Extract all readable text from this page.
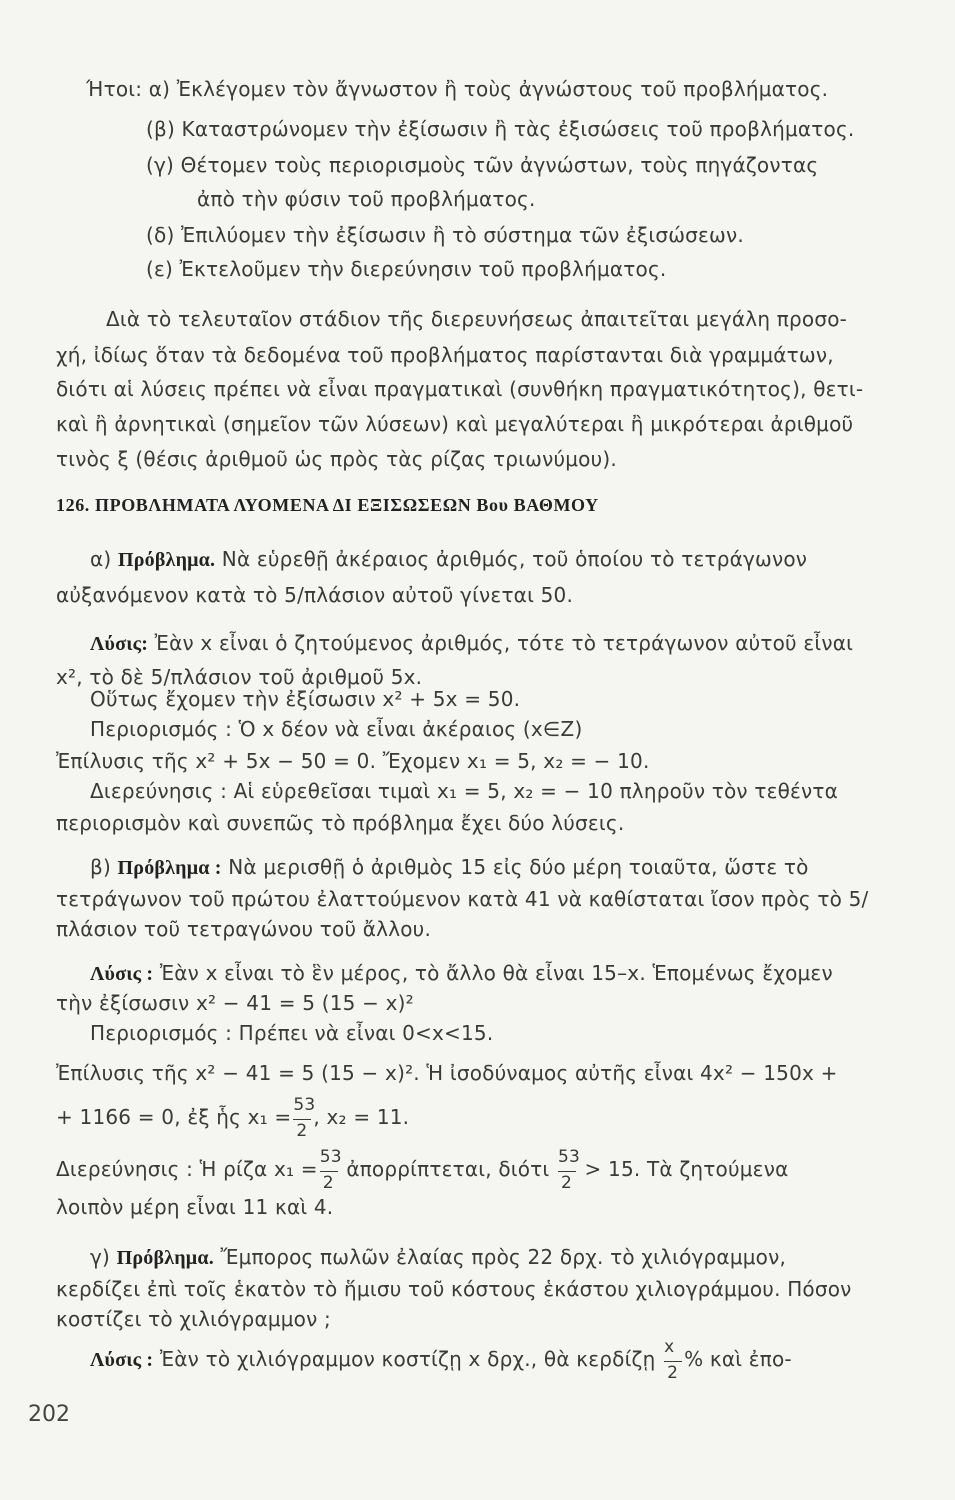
Ήτοι: α) Ἐκλέγομεν τὸν ἄγνωστον ἢ τοὺς ἀγνώστους τοῦ προβλήματος.
(β) Καταστρώνομεν τὴν ἐξίσωσιν ἢ τὰς ἐξισώσεις τοῦ προβλήματος.
(γ) Θέτομεν τοὺς περιορισμοὺς τῶν ἀγνώστων, τοὺς πηγάζοντας
ἀπὸ τὴν φύσιν τοῦ προβλήματος.
(δ) Ἐπιλύομεν τὴν ἐξίσωσιν ἢ τὸ σύστημα τῶν ἐξισώσεων.
(ε) Ἐκτελοῦμεν τὴν διερεύνησιν τοῦ προβλήματος.
Διὰ τὸ τελευταῖον στάδιον τῆς διερευνήσεως ἀπαιτεῖται μεγάλη προσο-
χή, ἰδίως ὅταν τὰ δεδομένα τοῦ προβλήματος παρίστανται διὰ γραμμάτων,
διότι αἱ λύσεις πρέπει νὰ εἶναι πραγματικαὶ (συνθήκη πραγματικότητος), θετι-
καὶ ἢ ἀρνητικαὶ (σημεῖον τῶν λύσεων) καὶ μεγαλύτεραι ἢ μικρότεραι ἀριθμοῦ
τινὸς ξ (θέσις ἀριθμοῦ ὡς πρὸς τὰς ρίζας τριωνύμου).
126. ΠΡΟΒΛΗΜΑΤΑ ΛΥΟΜΕΝΑ ΔΙ ΕΞΙΣΩΣΕΩΝ Βου ΒΑΘΜΟΥ
α) Πρόβλημα. Νὰ εὑρεθῇ ἀκέραιος ἀριθμός, τοῦ ὁποίου τὸ τετράγωνον
αὐξανόμενον κατὰ τὸ 5/πλάσιον αὐτοῦ γίνεται 50.
Λύσις: Ἐὰν x εἶναι ὁ ζητούμενος ἀριθμός, τότε τὸ τετράγωνον αὐτοῦ εἶναι
x², τὸ δὲ 5/πλάσιον τοῦ ἀριθμοῦ 5x.
Οὕτως ἔχομεν τὴν ἐξίσωσιν x² + 5x = 50.
Περιορισμός : Ὁ x δέον νὰ εἶναι ἀκέραιος (x∈Z)
Ἐπίλυσις τῆς x² + 5x − 50 = 0. Ἔχομεν x₁ = 5, x₂ = − 10.
Διερεύνησις : Αἱ εὑρεθεῖσαι τιμαὶ x₁ = 5, x₂ = − 10 πληροῦν τὸν τεθέντα
περιορισμὸν καὶ συνεπῶς τὸ πρόβλημα ἔχει δύο λύσεις.
β) Πρόβλημα : Νὰ μερισθῇ ὁ ἀριθμὸς 15 εἰς δύο μέρη τοιαῦτα, ὥστε τὸ
τετράγωνον τοῦ πρώτου ἐλαττούμενον κατὰ 41 νὰ καθίσταται ἴσον πρὸς τὸ 5/
πλάσιον τοῦ τετραγώνου τοῦ ἄλλου.
Λύσις : Ἐὰν x εἶναι τὸ ἓν μέρος, τὸ ἄλλο θὰ εἶναι 15–x. Ἑπομένως ἔχομεν
τὴν ἐξίσωσιν x² − 41 = 5 (15 − x)²
Περιορισμός : Πρέπει νὰ εἶναι 0<x<15.
Ἐπίλυσις τῆς x² − 41 = 5 (15 − x)². Ἡ ἰσοδύναμος αὐτῆς εἶναι 4x² − 150x +
+ 1166 = 0, ἐξ ἧς $x_1 = \frac{53}{2}$ , x₂ = 11.
Διερεύνησις : Ἡ ρίζα $x_1 = \frac{53}{2}$ ἀπορρίπτεται, διότι $\frac{53}{2} > 15$. Τὰ ζητούμενα
λοιπὸν μέρη εἶναι 11 καὶ 4.
γ) Πρόβλημα. Ἔμπορος πωλῶν ἐλαίας πρὸς 22 δρχ. τὸ χιλιόγραμμον,
κερδίζει ἐπὶ τοῖς ἑκατὸν τὸ ἥμισυ τοῦ κόστους ἑκάστου χιλιογράμμου. Πόσον
κοστίζει τὸ χιλιόγραμμον ;
Λύσις : Ἐὰν τὸ χιλιόγραμμον κοστίζῃ x δρχ., θὰ κερδίζῃ $\frac{x}{2}$ % καὶ ἐπο-
202
